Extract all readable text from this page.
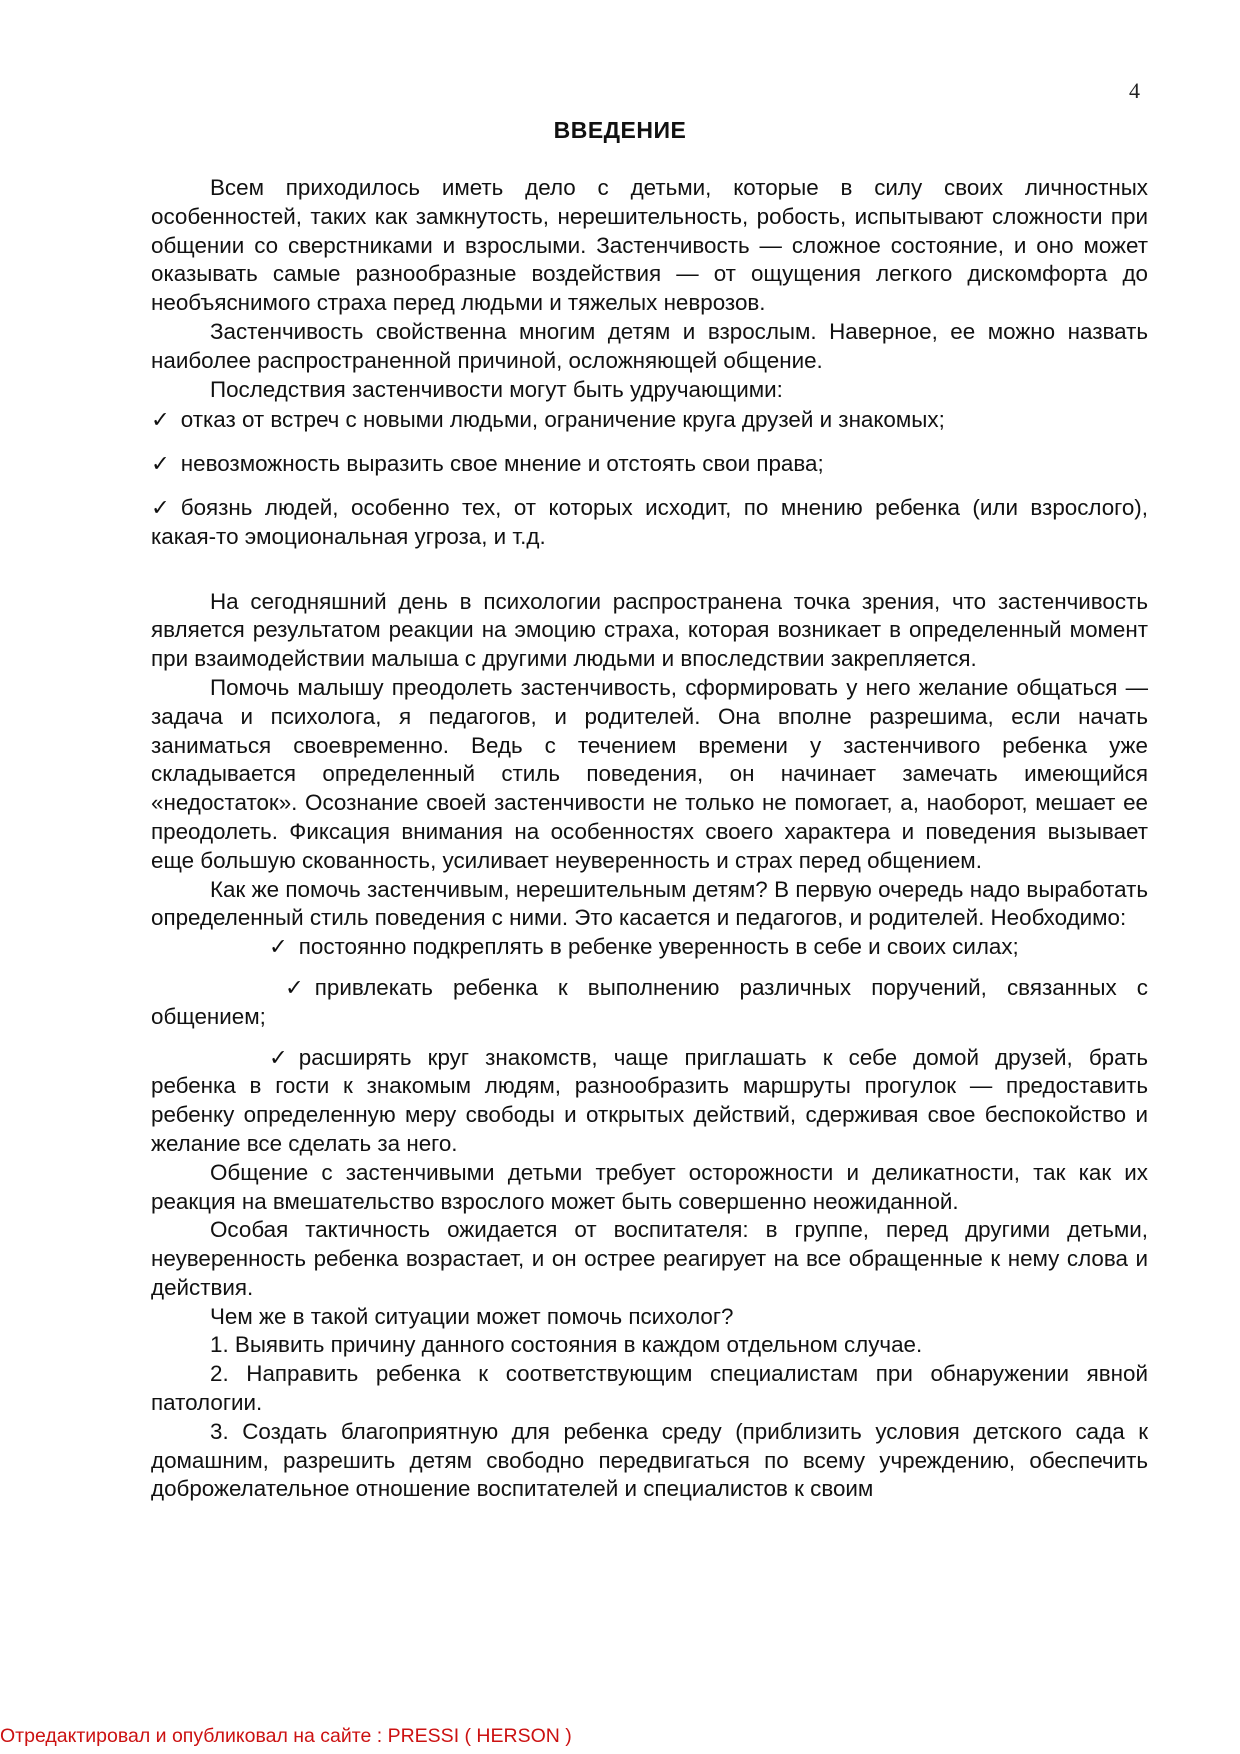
4
ВВЕДЕНИЕ

Всем приходилось иметь дело с детьми, которые в силу своих личностных особенностей, таких как замкнутость, нерешительность, робость, испытывают сложности при общении со сверстниками и взрослыми. Застенчивость — сложное состояние, и оно может оказывать самые разнообразные воздействия — от ощущения легкого дискомфорта до необъяснимого страха перед людьми и тяжелых неврозов.

Застенчивость свойственна многим детям и взрослым. Наверное, ее можно назвать наиболее распространенной причиной, осложняющей общение.

Последствия застенчивости могут быть удручающими:

✓ отказ от встреч с новыми людьми, ограничение круга друзей и знакомых;

✓ невозможность выразить свое мнение и отстоять свои права;

✓ боязнь людей, особенно тех, от которых исходит, по мнению ребенка (или взрослого), какая-то эмоциональная угроза, и т.д.

На сегодняшний день в психологии распространена точка зрения, что застенчивость является результатом реакции на эмоцию страха, которая возникает в определенный момент при взаимодействии малыша с другими людьми и впоследствии закрепляется.

Помочь малышу преодолеть застенчивость, сформировать у него желание общаться — задача и психолога, я педагогов, и родителей. Она вполне разрешима, если начать заниматься своевременно. Ведь с течением времени у застенчивого ребенка уже складывается определенный стиль поведения, он начинает замечать имеющийся «недостаток». Осознание своей застенчивости не только не помогает, а, наоборот, мешает ее преодолеть. Фиксация внимания на особенностях своего характера и поведения вызывает еще большую скованность, усиливает неуверенность и страх перед общением.

Как же помочь застенчивым, нерешительным детям? В первую очередь надо выработать определенный стиль поведения с ними. Это касается и педагогов, и родителей. Необходимо:

✓ постоянно подкреплять в ребенке уверенность в себе и своих силах;

✓ привлекать ребенка к выполнению различных поручений, связанных с общением;

✓ расширять круг знакомств, чаще приглашать к себе домой друзей, брать ребенка в гости к знакомым людям, разнообразить маршруты прогулок — предоставить ребенку определенную меру свободы и открытых действий, сдерживая свое беспокойство и желание все сделать за него.

Общение с застенчивыми детьми требует осторожности и деликатности, так как их реакция на вмешательство взрослого может быть совершенно неожиданной.

Особая тактичность ожидается от воспитателя: в группе, перед другими детьми, неуверенность ребенка возрастает, и он острее реагирует на все обращенные к нему слова и действия.

Чем же в такой ситуации может помочь психолог?

1. Выявить причину данного состояния в каждом отдельном случае.

2. Направить ребенка к соответствующим специалистам при обнаружении явной патологии.

3. Создать благоприятную для ребенка среду (приблизить условия детского сада к домашним, разрешить детям свободно передвигаться по всему учреждению, обеспечить доброжелательное отношение воспитателей и специалистов к своим

Отредактировал и опубликовал на сайте : PRESSI ( HERSON )
